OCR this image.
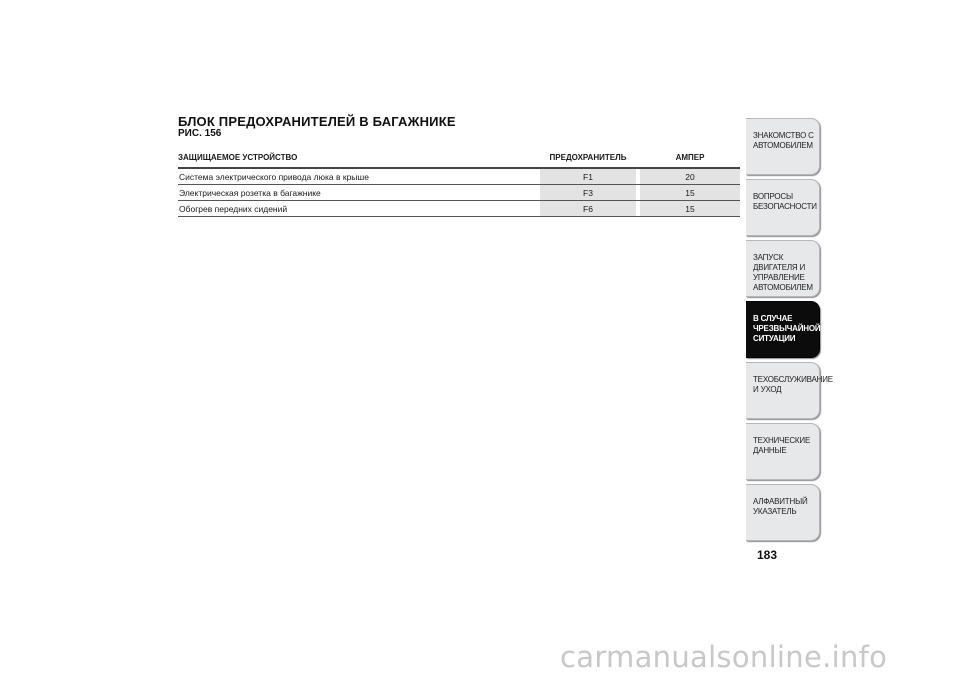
БЛОК ПРЕДОХРАНИТЕЛЕЙ В БАГАЖНИКЕ
РИС. 156
ЗАЩИЩАЕМОЕ УСТРОЙСТВО		ПРЕДОХРАНИТЕЛЬ		АМПЕР
Система электрического привода люка в крыше		F1		20
Электрическая розетка в багажнике		F3		15
Обогрев передних сидений		F6		15
ЗНАКОМСТВО С
АВТОМОБИЛЕМ
ВОПРОСЫ
БЕЗОПАСНОСТИ
ЗАПУСК ДВИГАТЕЛЯ И
УПРАВЛЕНИЕ
АВТОМОБИЛЕМ
В СЛУЧАЕ
ЧРЕЗВЫЧАЙНОЙ
СИТУАЦИИ
ТЕХОБСЛУЖИВАНИЕ
И УХОД
ТЕХНИЧЕСКИЕ
ДАННЫЕ
АЛФАВИТНЫЙ
УКАЗАТЕЛЬ
183
carmanualsonline.info
